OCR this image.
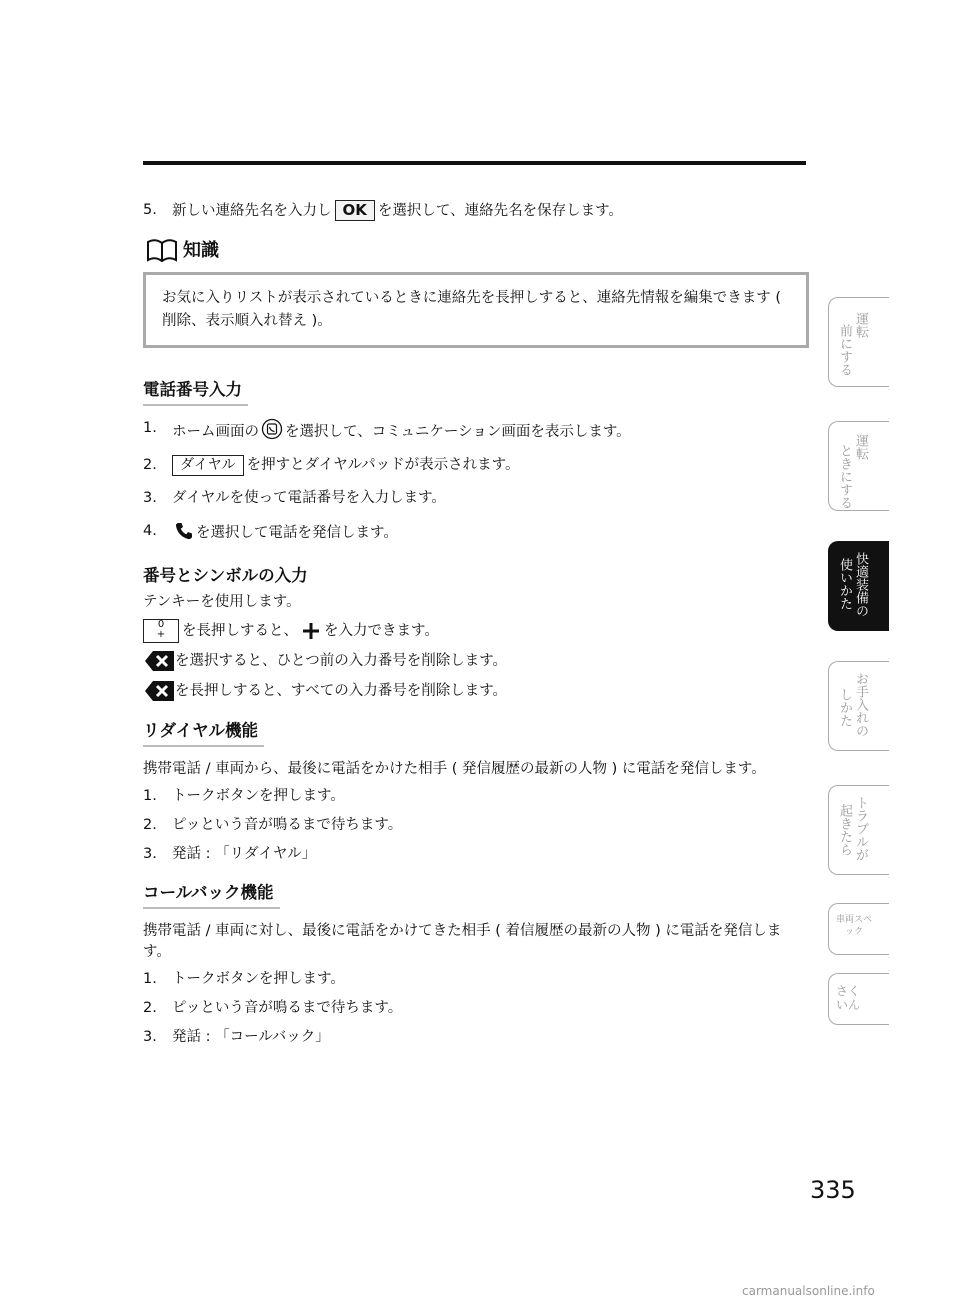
5.	新しい連絡先名を入力し OK を選択して、連絡先名を保存します。
知識
お気に入りリストが表示されているときに連絡先を長押しすると、連絡先情報を編集できます ( 削除、表示順入れ替え )。
電話番号入力
1.	ホーム画面の を選択して、コミュニケーション画面を表示します。
2.	ダイヤル を押すとダイヤルパッドが表示されます。
3.	ダイヤルを使って電話番号を入力します。
4.	を選択して電話を発信します。
番号とシンボルの入力
テンキーを使用します。
0
+	を長押しすると、 を入力できます。
を選択すると、ひとつ前の入力番号を削除します。
を長押しすると、すべての入力番号を削除します。
リダイヤル機能
携帯電話 / 車両から、最後に電話をかけた相手 ( 発信履歴の最新の人物 ) に電話を発信します。
1.	トークボタンを押します。
2.	ピッという音が鳴るまで待ちます。
3.	発話 : 「リダイヤル」
コールバック機能
携帯電話 / 車両に対し、最後に電話をかけてきた相手 ( 着信履歴の最新の人物 ) に電話を発信します。
1.	トークボタンを押します。
2.	ピッという音が鳴るまで待ちます。
3.	発話 : 「コールバック」
運転
前にする
運転
ときにする
快適装備の
使いかた
お手入れの
しかた
トラブルが
起きたら
車両スペック
さくいん
335
carmanualsonline.info
